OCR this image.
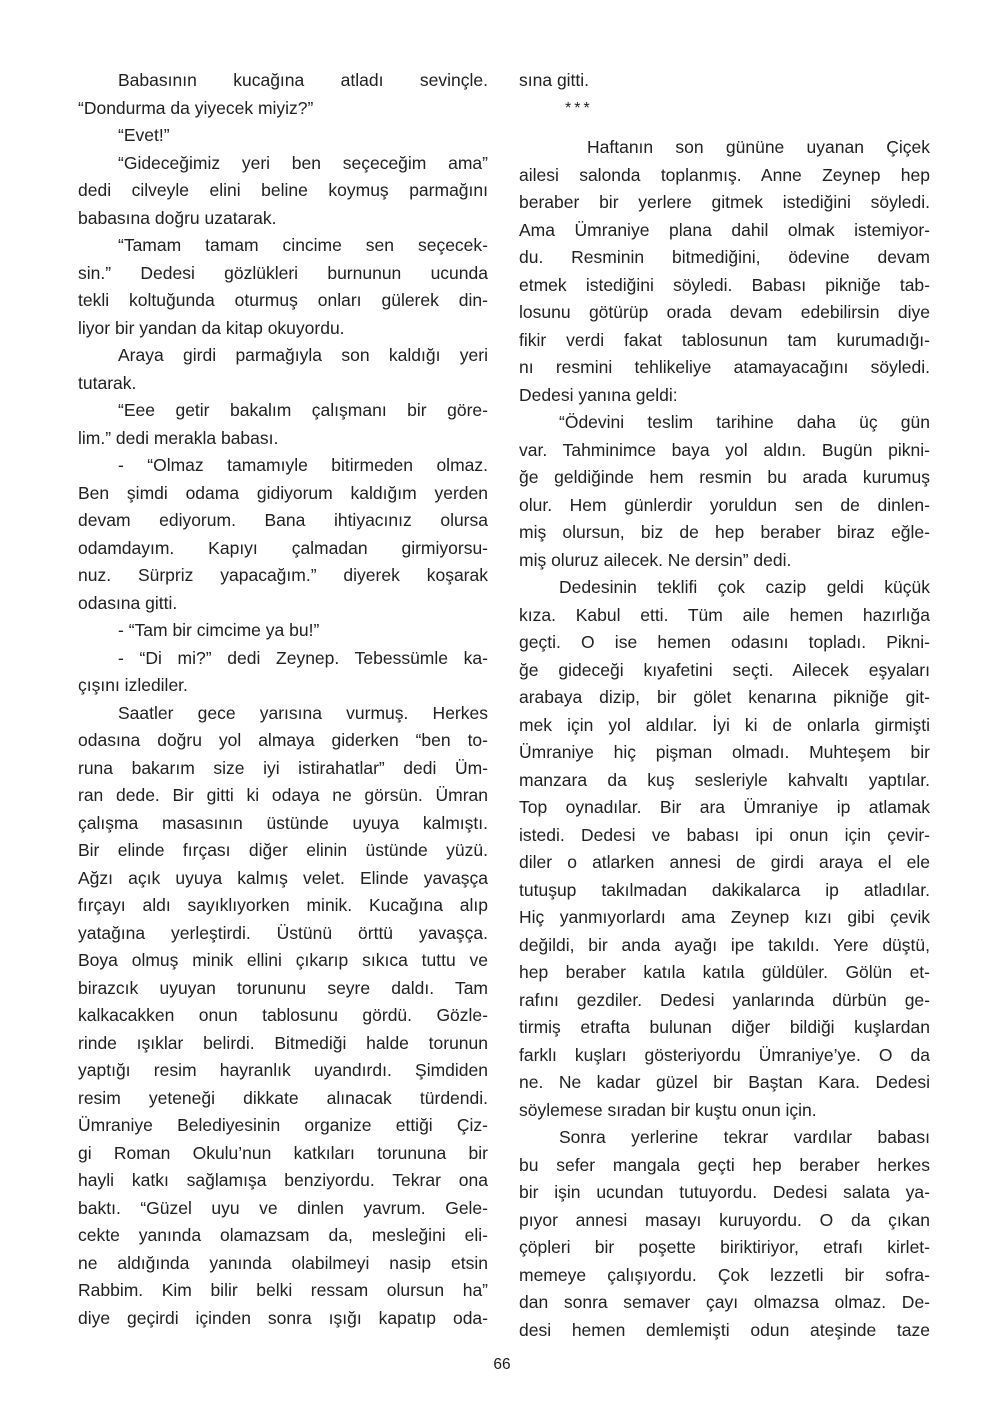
Babasının kucağına atladı sevinçle.
“Dondurma da yiyecek miyiz?”
“Evet!”
“Gideceğimiz yeri ben seçeceğim ama”
dedi cilveyle elini beline koymuş parmağını
babasına doğru uzatarak.
“Tamam tamam cincime sen seçecek-
sin.” Dedesi gözlükleri burnunun ucunda
tekli koltuğunda oturmuş onları gülerek din-
liyor bir yandan da kitap okuyordu.
Araya girdi parmağıyla son kaldığı yeri
tutarak.
“Eee getir bakalım çalışmanı bir göre-
lim.” dedi merakla babası.
- “Olmaz tamamıyle bitirmeden olmaz.
Ben şimdi odama gidiyorum kaldığım yerden
devam ediyorum. Bana ihtiyacınız olursa
odamdayım. Kapıyı çalmadan girmiyorsu-
nuz. Sürpriz yapacağım.” diyerek koşarak
odasına gitti.
- “Tam bir cimcime ya bu!”
- “Di mi?” dedi Zeynep. Tebessümle ka-
çışını izlediler.
Saatler gece yarısına vurmuş. Herkes
odasına doğru yol almaya giderken “ben to-
runa bakarım size iyi istirahatlar” dedi Üm-
ran dede. Bir gitti ki odaya ne görsün. Ümran
çalışma masasının üstünde uyuya kalmıştı.
Bir elinde fırçası diğer elinin üstünde yüzü.
Ağzı açık uyuya kalmış velet. Elinde yavaşça
fırçayı aldı sayıklıyorken minik. Kucağına alıp
yatağına yerleştirdi. Üstünü örttü yavaşça.
Boya olmuş minik ellini çıkarıp sıkıca tuttu ve
birazcık uyuyan torununu seyre daldı. Tam
kalkacakken onun tablosunu gördü. Gözle-
rinde ışıklar belirdi. Bitmediği halde torunun
yaptığı resim hayranlık uyandırdı. Şimdiden
resim yeteneği dikkate alınacak türdendi.
Ümraniye Belediyesinin organize ettiği Çiz-
gi Roman Okulu’nun katkıları torununa bir
hayli katkı sağlamışa benziyordu. Tekrar ona
baktı. “Güzel uyu ve dinlen yavrum. Gele-
cekte yanında olamazsam da, mesleğini eli-
ne aldığında yanında olabilmeyi nasip etsin
Rabbim. Kim bilir belki ressam olursun ha”
diye geçirdi içinden sonra ışığı kapatıp oda-
sına gitti.
***
Haftanın son gününe uyanan Çiçek
ailesi salonda toplanmış. Anne Zeynep hep
beraber bir yerlere gitmek istediğini söyledi.
Ama Ümraniye plana dahil olmak istemiyor-
du. Resminin bitmediğini, ödevine devam
etmek istediğini söyledi. Babası pikniğe tab-
losunu götürüp orada devam edebilirsin diye
fikir verdi fakat tablosunun tam kurumadığı-
nı resmini tehlikeliye atamayacağını söyledi.
Dedesi yanına geldi:
“Ödevini teslim tarihine daha üç gün
var. Tahminimce baya yol aldın. Bugün pikni-
ğe geldiğinde hem resmin bu arada kurumuş
olur. Hem günlerdir yoruldun sen de dinlen-
miş olursun, biz de hep beraber biraz eğle-
miş oluruz ailecek. Ne dersin” dedi.
Dedesinin teklifi çok cazip geldi küçük
kıza. Kabul etti. Tüm aile hemen hazırlığa
geçti. O ise hemen odasını topladı. Pikni-
ğe gideceği kıyafetini seçti. Ailecek eşyaları
arabaya dizip, bir gölet kenarına pikniğe git-
mek için yol aldılar. İyi ki de onlarla girmişti
Ümraniye hiç pişman olmadı. Muhteşem bir
manzara da kuş sesleriyle kahvaltı yaptılar.
Top oynadılar. Bir ara Ümraniye ip atlamak
istedi. Dedesi ve babası ipi onun için çevir-
diler o atlarken annesi de girdi araya el ele
tutuşup takılmadan dakikalarca ip atladılar.
Hiç yanmıyorlardı ama Zeynep kızı gibi çevik
değildi, bir anda ayağı ipe takıldı. Yere düştü,
hep beraber katıla katıla güldüler. Gölün et-
rafını gezdiler. Dedesi yanlarında dürbün ge-
tirmiş etrafta bulunan diğer bildiği kuşlardan
farklı kuşları gösteriyordu Ümraniye’ye. O da
ne. Ne kadar güzel bir Baştan Kara. Dedesi
söylemese sıradan bir kuştu onun için.
Sonra yerlerine tekrar vardılar babası
bu sefer mangala geçti hep beraber herkes
bir işin ucundan tutuyordu. Dedesi salata ya-
pıyor annesi masayı kuruyordu. O da çıkan
çöpleri bir poşette biriktiriyor, etrafı kirlet-
memeye çalışıyordu. Çok lezzetli bir sofra-
dan sonra semaver çayı olmazsa olmaz. De-
desi hemen demlemişti odun ateşinde taze
66
